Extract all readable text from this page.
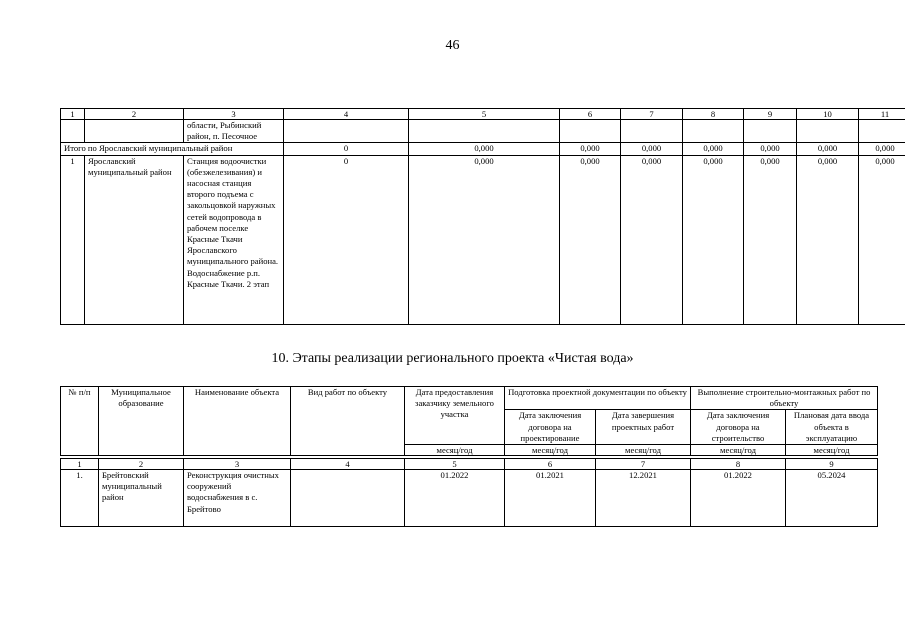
46
1	2	3	4	5	6	7	8	9	10	11
		области, Рыбинский район, п. Песочное								
Итого по Ярославский муниципальный район			0	0,000	0,000	0,000	0,000	0,000	0,000	0,000
1	Ярославский муниципальный район	Станция водоочистки (обезжелезивания) и насосная станция второго подъема с закольцовкой наружных сетей водопровода в рабочем поселке Красные Ткачи Ярославского муниципального района. Водоснабжение р.п. Красные Ткачи. 2 этап	0	0,000	0,000	0,000	0,000	0,000	0,000	0,000
10. Этапы реализации регионального проекта «Чистая вода»
№ п/п	Муниципальное образование	Наименование объекта	Вид работ по объекту	Дата предоставления заказчику земельного участка	Подготовка проектной документации по объекту		Выполнение строительно-монтажных работ по объекту	
					Дата заключения договора на проектирование	Дата завершения проектных работ	Дата заключения договора на строительство	Плановая дата ввода объекта в эксплуатацию

				месяц/год	месяц/год	месяц/год	месяц/год	месяц/год

1	2	3	4	5	6	7	8	9
1.	Брейтовский муниципальный район	Реконструкция очистных сооружений водоснабжения в с. Брейтово		01.2022	01.2021	12.2021	01.2022	05.2024
